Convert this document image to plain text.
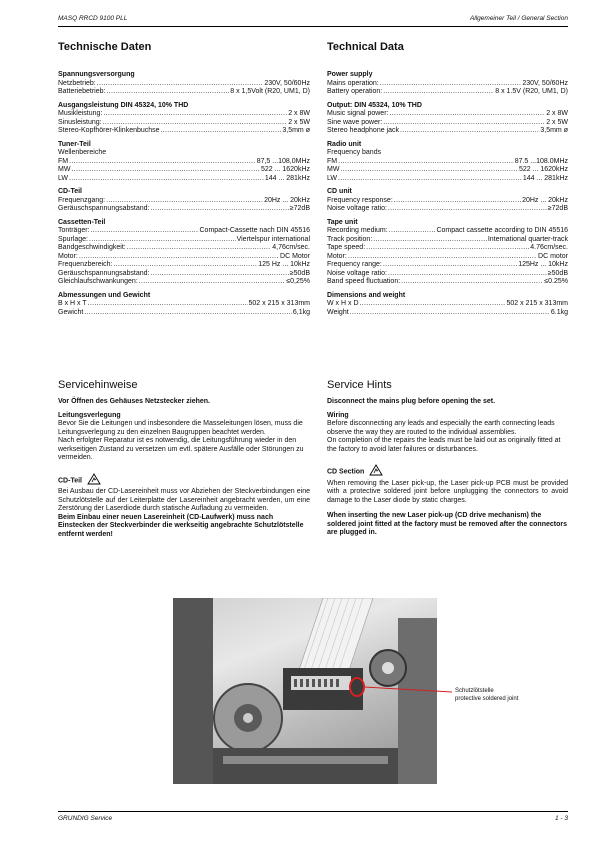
MASQ RRCD 9100 PLL	Allgemeiner Teil / General Section
Technische Daten	Technical Data
Spannungsversorgung
Netzbetrieb: .....	230V, 50/60Hz
Batteriebetrieb: .....	8 x 1,5Volt (R20, UM1, D)
Ausgangsleistung DIN 45324, 10% THD
Musikleistung: .....	2 x 8W
Sinusleistung: .....	2 x 5W
Stereo-Kopfhörer-Klinkenbuchse .....	3,5mm ø
Tuner-Teil
Wellenbereiche
FM .....	87,5 ...108,0MHz
MW .....	522 ... 1620kHz
LW .....	144 ... 281kHz
CD-Teil
Frequenzgang: .....	20Hz ... 20kHz
Geräuschspannungsabstand: .....	≥72dB
Cassetten-Teil
Tonträger: .....	Compact-Cassette nach DIN 45516
Spurlage: .....	Viertelspur international
Bandgeschwindigkeit: .....	4,76cm/sec.
Motor: .....	DC Motor
Frequenzbereich: .....	125 Hz ... 10kHz
Geräuschspannungsabstand: .....	≥50dB
Gleichlaufschwankungen: .....	≤0,25%
Abmessungen und Gewicht
B x H x T .....	502 x 215 x 313mm
Gewicht .....	6,1kg
Power supply
Mains operation: .....	230V, 50/60Hz
Battery operation: .....	8 x 1.5V (R20, UM1, D)
Output: DIN 45324, 10% THD
Music signal power: .....	2 x 8W
Sine wave power: .....	2 x 5W
Stereo headphone jack .....	3,5mm ø
Radio unit
Frequency bands
FM .....	87.5 ...108.0MHz
MW .....	522 ... 1620kHz
LW .....	144 ... 281kHz
CD unit
Frequency response: .....	20Hz ... 20kHz
Noise voltage ratio: .....	≥72dB
Tape unit
Recording medium: .....	Compact cassette according to DIN 45516
Track position: .....	International quarter-track
Tape speed: .....	4.76cm/sec.
Motor: .....	DC motor
Frequency range: .....	125Hz ... 10kHz
Noise voltage ratio: .....	≥50dB
Band speed fluctuation: .....	≤0.25%
Dimensions and weight
W x H x D .....	502 x 215 x 313mm
Weight .....	6.1kg
Servicehinweise	Service Hints

Vor Öffnen des Gehäuses Netzstecker ziehen.

Leitungsverlegung

Bevor Sie die Leitungen und insbesondere die Masseleitungen lösen, muss die Leitungsverlegung zu den einzelnen Baugruppen beachtet werden.

Nach erfolgter Reparatur ist es notwendig, die Leitungsführung wieder in den werkseitigen Zustand zu versetzen um evtl. spätere Ausfälle oder Störungen zu vermeiden.

CD-Teil

Bei Ausbau der CD-Lasereinheit muss vor Abziehen der Steckverbindungen eine Schutzlötstelle auf der Leiterplatte der Lasereinheit angebracht werden, um eine Zerstörung der Laserdiode durch statische Aufladung zu vermeiden.

Beim Einbau einer neuen Lasereinheit (CD-Laufwerk) muss nach Einstecken der Steckverbinder die werkseitig angebrachte Schutzlötstelle entfernt werden!

Disconnect the mains plug before opening the set.

Wiring

Before disconnecting any leads and especially the earth connecting leads observe the way they are routed to the individual assemblies.

On completion of the repairs the leads must be laid out as originally fitted at the factory to avoid later failures or disturbances.

CD Section

When removing the Laser pick-up, the Laser pick-up PCB must be provided with a protective soldered joint before unplugging the connectors to avoid damage to the Laser diode by static charges.

When inserting the new Laser pick-up (CD drive mechanism) the soldered joint fitted at the factory must be removed after the connectors are plugged in.

Schutzlötstelle
protective soldered joint
GRUNDIG Service	1 - 3
